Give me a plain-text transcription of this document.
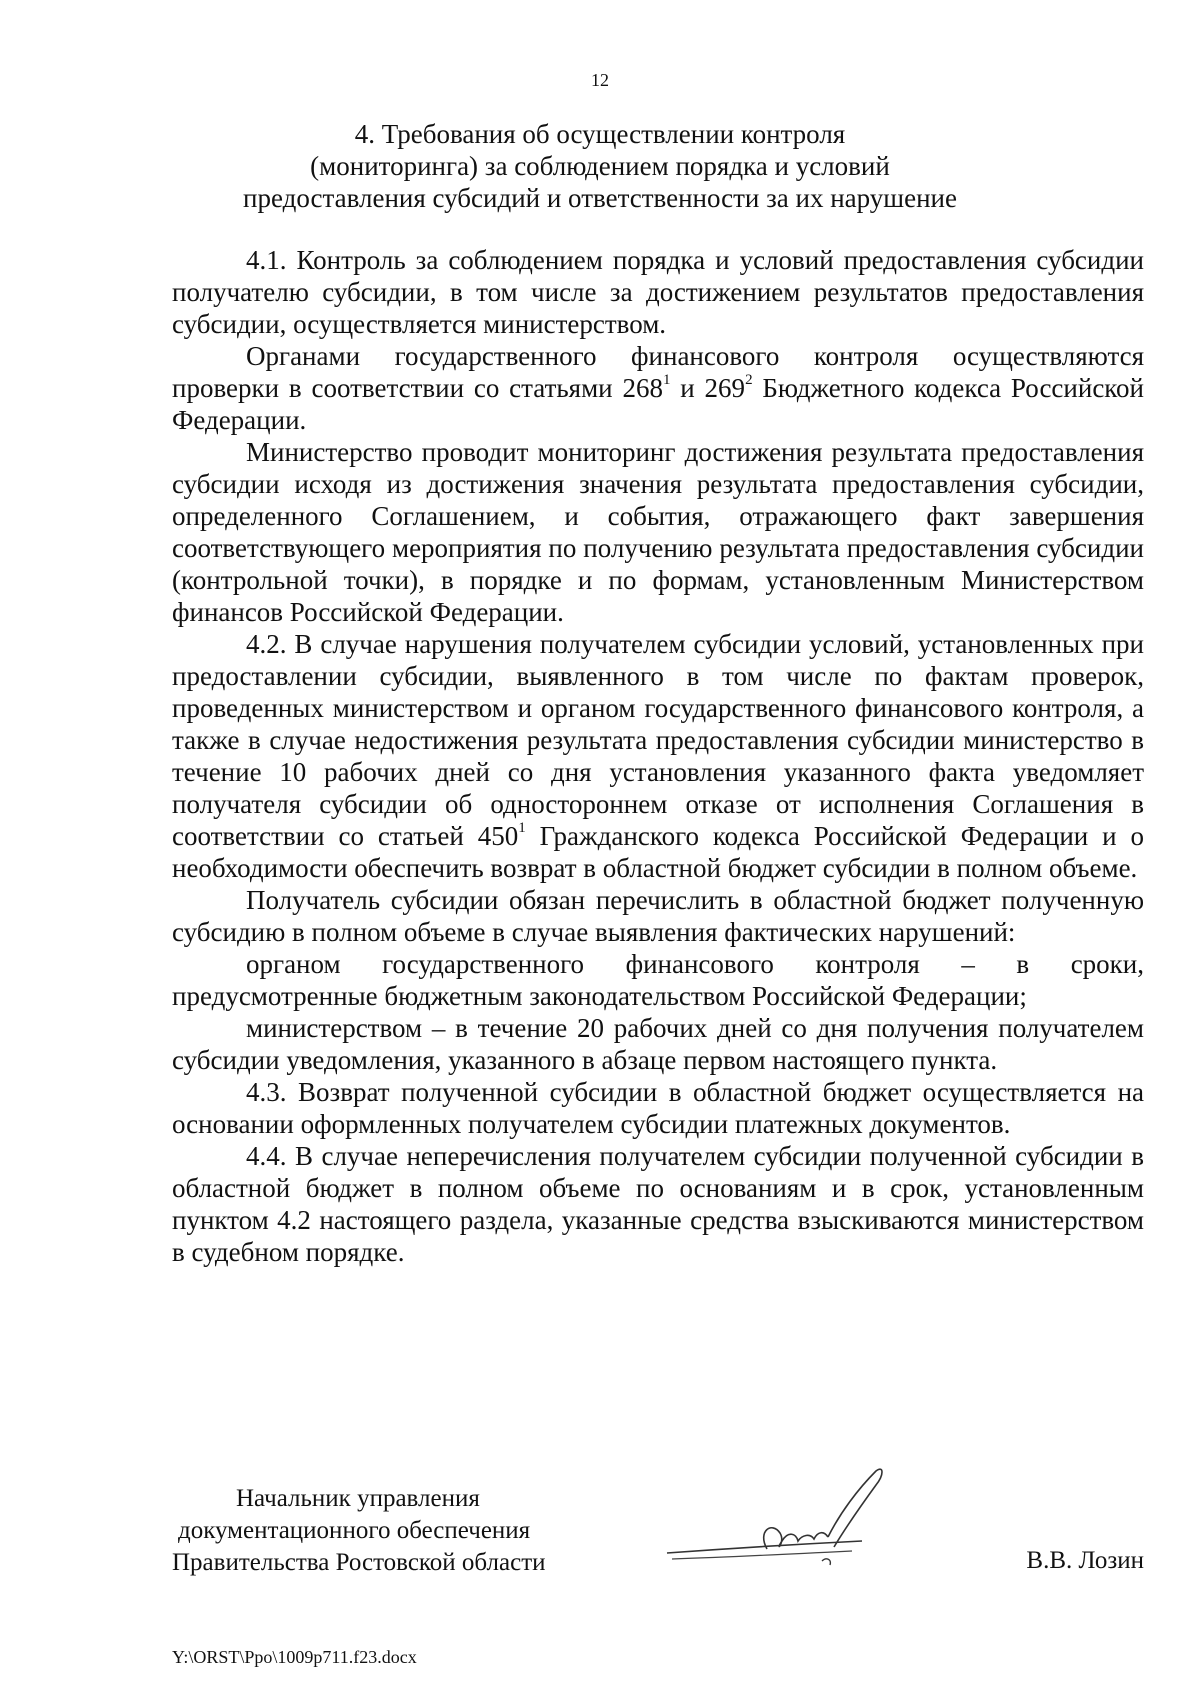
12
4. Требования об осуществлении контроля
(мониторинга) за соблюдением порядка и условий
предоставления субсидий и ответственности за их нарушение

4.1. Контроль за соблюдением порядка и условий предоставления субсидии получателю субсидии, в том числе за достижением результатов предоставления субсидии, осуществляется министерством.

Органами государственного финансового контроля осуществляются проверки в соответствии со статьями $268^1$ и $269^2$ Бюджетного кодекса Российской Федерации.

Министерство проводит мониторинг достижения результата предоставления субсидии исходя из достижения значения результата предоставления субсидии, определенного Соглашением, и события, отражающего факт завершения соответствующего мероприятия по получению результата предоставления субсидии (контрольной точки), в порядке и по формам, установленным Министерством финансов Российской Федерации.

4.2. В случае нарушения получателем субсидии условий, установленных при предоставлении субсидии, выявленного в том числе по фактам проверок, проведенных министерством и органом государственного финансового контроля, а также в случае недостижения результата предоставления субсидии министерство в течение 10 рабочих дней со дня установления указанного факта уведомляет получателя субсидии об одностороннем отказе от исполнения Соглашения в соответствии со статьей $450^1$ Гражданского кодекса Российской Федерации и о необходимости обеспечить возврат в областной бюджет субсидии в полном объеме.

Получатель субсидии обязан перечислить в областной бюджет полученную субсидию в полном объеме в случае выявления фактических нарушений:

органом государственного финансового контроля – в сроки, предусмотренные бюджетным законодательством Российской Федерации;

министерством – в течение 20 рабочих дней со дня получения получателем субсидии уведомления, указанного в абзаце первом настоящего пункта.

4.3. Возврат полученной субсидии в областной бюджет осуществляется на основании оформленных получателем субсидии платежных документов.

4.4. В случае неперечисления получателем субсидии полученной субсидии в областной бюджет в полном объеме по основаниям и в срок, установленным пунктом 4.2 настоящего раздела, указанные средства взыскиваются министерством в судебном порядке.

Начальник управления
документационного обеспечения
Правительства Ростовской области	В.В. Лозин
Y:\ORST\Ppo\1009p711.f23.docx
